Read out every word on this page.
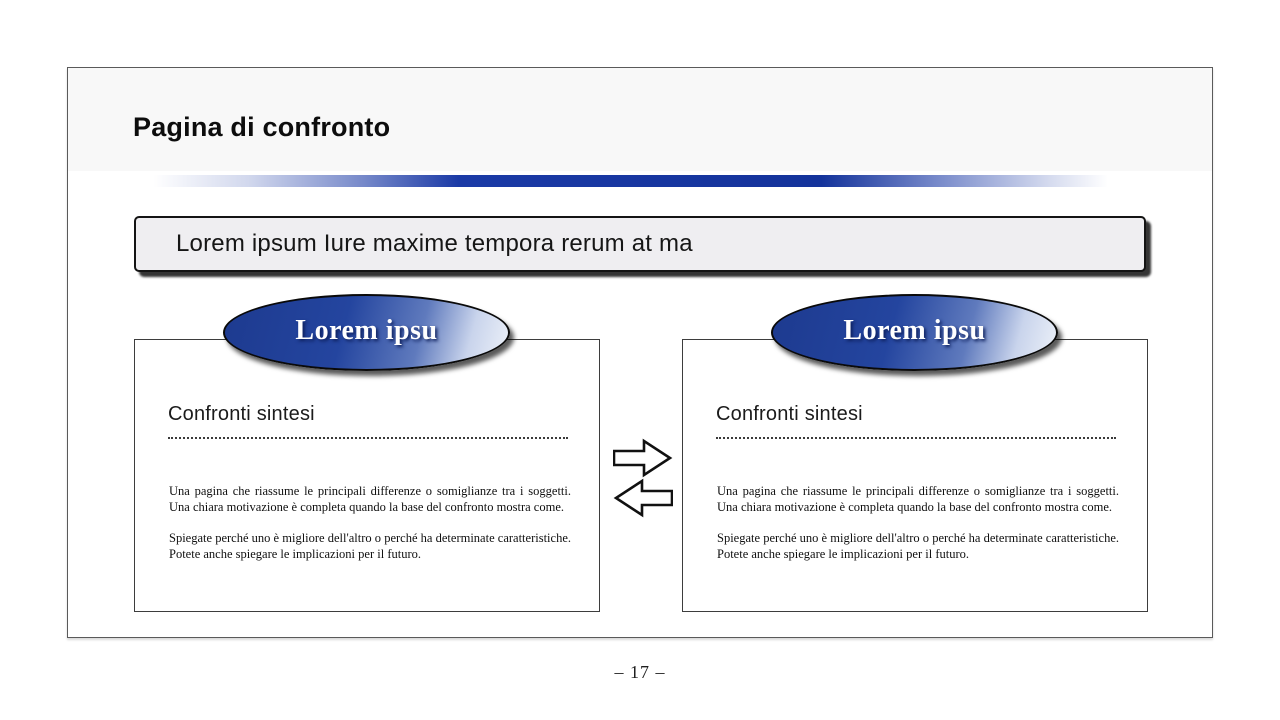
Pagina di confronto
Lorem ipsum Iure maxime tempora rerum at ma
Confronti sintesi

Una pagina che riassume le principali differenze o somiglianze tra i soggetti. Una chiara motivazione è completa quando la base del confronto mostra come.

Spiegate perché uno è migliore dell'altro o perché ha determinate caratteristiche. Potete anche spiegare le implicazioni per il futuro.

Confronti sintesi

Una pagina che riassume le principali differenze o somiglianze tra i soggetti. Una chiara motivazione è completa quando la base del confronto mostra come.

Spiegate perché uno è migliore dell'altro o perché ha determinate caratteristiche. Potete anche spiegare le implicazioni per il futuro.

Lorem ipsu	Lorem ipsu
– 17 –
